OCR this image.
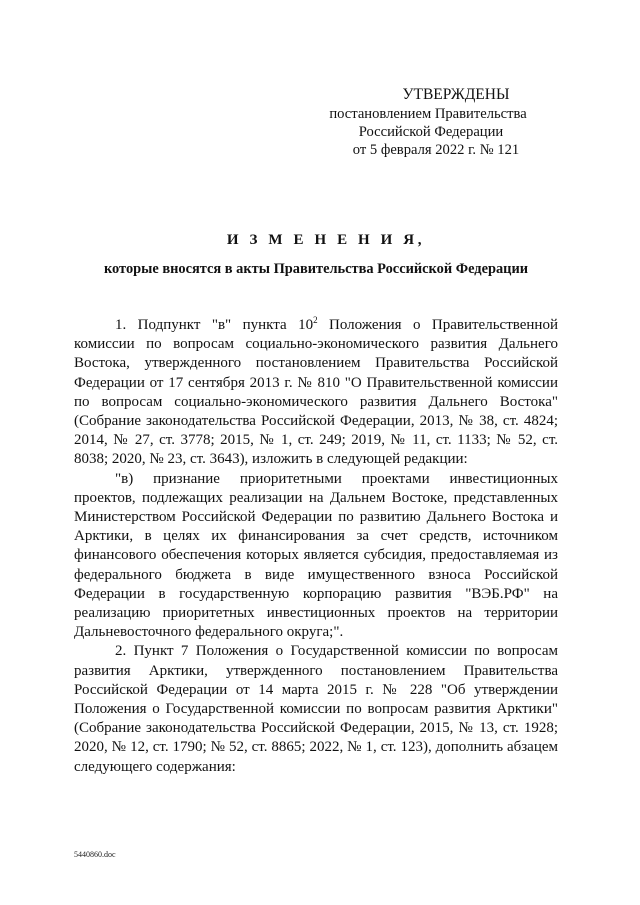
УТВЕРЖДЕНЫ
постановлением Правительства
Российской Федерации
от 5 февраля 2022 г. № 121
И З М Е Н Е Н И Я,
которые вносятся в акты Правительства Российской Федерации

1. Подпункт "в" пункта $10^2$ Положения о Правительственной комиссии по вопросам социально-экономического развития Дальнего Востока, утвержденного постановлением Правительства Российской Федерации от 17 сентября 2013 г. № 810 "О Правительственной комиссии по вопросам социально-экономического развития Дальнего Востока" (Собрание законодательства Российской Федерации, 2013, № 38, ст. 4824; 2014, № 27, ст. 3778; 2015, № 1, ст. 249; 2019, № 11, ст. 1133; № 52, ст. 8038; 2020, № 23, ст. 3643), изложить в следующей редакции:

"в) признание приоритетными проектами инвестиционных проектов, подлежащих реализации на Дальнем Востоке, представленных Министерством Российской Федерации по развитию Дальнего Востока и Арктики, в целях их финансирования за счет средств, источником финансового обеспечения которых является субсидия, предоставляемая из федерального бюджета в виде имущественного взноса Российской Федерации в государственную корпорацию развития "ВЭБ.РФ" на реализацию приоритетных инвестиционных проектов на территории Дальневосточного федерального округа;".

2. Пункт 7 Положения о Государственной комиссии по вопросам развития Арктики, утвержденного постановлением Правительства Российской Федерации от 14 марта 2015 г. № 228 "Об утверждении Положения о Государственной комиссии по вопросам развития Арктики" (Собрание законодательства Российской Федерации, 2015, № 13, ст. 1928; 2020, № 12, ст. 1790; № 52, ст. 8865; 2022, № 1, ст. 123), дополнить абзацем следующего содержания:

5440860.doc
